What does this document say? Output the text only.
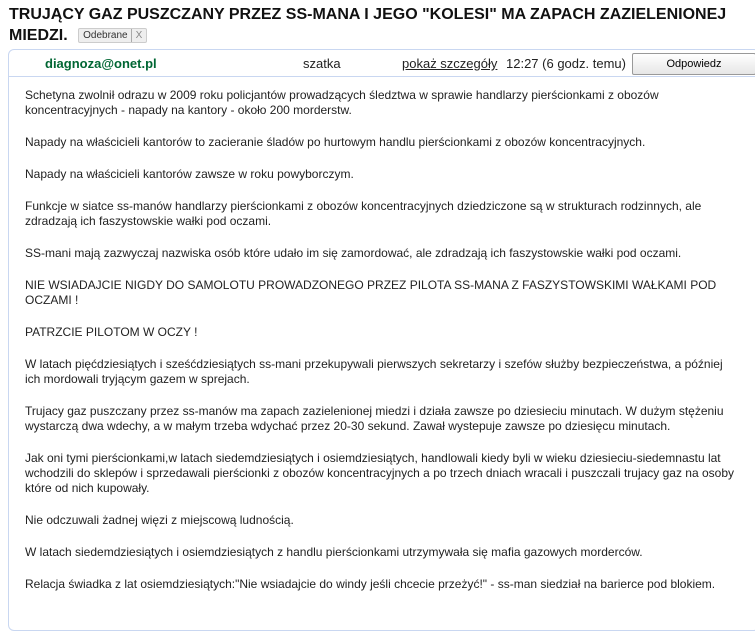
TRUJĄCY GAZ PUSZCZANY PRZEZ SS-MANA I JEGO "KOLESI" MA ZAPACH ZAZIELENIONEJ MIEDZI. Odebrane X
diagnoza@onet.pl	szatka	pokaż szczegóły 12:27 (6 godz. temu)	Odpowiedz

Schetyna zwolnił odrazu w 2009 roku policjantów prowadzących śledztwa w sprawie handlarzy pierścionkami z obozów koncentracyjnych - napady na kantory - około 200 morderstw.

Napady na właścicieli kantorów to zacieranie śladów po hurtowym handlu pierścionkami z obozów koncentracyjnych.

Napady na właścicieli kantorów zawsze w roku powyborczym.

Funkcje w siatce ss-manów handlarzy pierścionkami z obozów koncentracyjnych dziedziczone są w strukturach rodzinnych, ale zdradzają ich faszystowskie wałki pod oczami.

SS-mani mają zazwyczaj nazwiska osób które udało im się zamordować, ale zdradzają ich faszystowskie wałki pod oczami.

NIE WSIADAJCIE NIGDY DO SAMOLOTU PROWADZONEGO PRZEZ PILOTA SS-MANA Z FASZYSTOWSKIMI WAŁKAMI POD OCZAMI !

PATRZCIE PILOTOM W OCZY !

W latach pięćdziesiątych i sześćdziesiątych ss-mani przekupywali pierwszych sekretarzy i szefów służby bezpieczeństwa, a później ich mordowali tryjącym gazem w sprejach.

Trujacy gaz puszczany przez ss-manów ma zapach zazielenionej miedzi i działa zawsze po dziesieciu minutach. W dużym stężeniu wystarczą dwa wdechy, a w małym trzeba wdychać przez 20-30 sekund. Zawał wystepuje zawsze po dziesięcu minutach.

Jak oni tymi pierścionkami,w latach siedemdziesiątych i osiemdziesiątych, handlowali kiedy byli w wieku dziesieciu-siedemnastu lat wchodzili do sklepów i sprzedawali pierścionki z obozów koncentracyjnych a po trzech dniach wracali i puszczali trujacy gaz na osoby które od nich kupowały.

Nie odczuwali żadnej więzi z miejscową ludnością.

W latach siedemdziesiątych i osiemdziesiątych z handlu pierścionkami utrzymywała się mafia gazowych morderców.

Relacja świadka z lat osiemdziesiątych:"Nie wsiadajcie do windy jeśli chcecie przeżyć!" - ss-man siedział na barierce pod blokiem.
